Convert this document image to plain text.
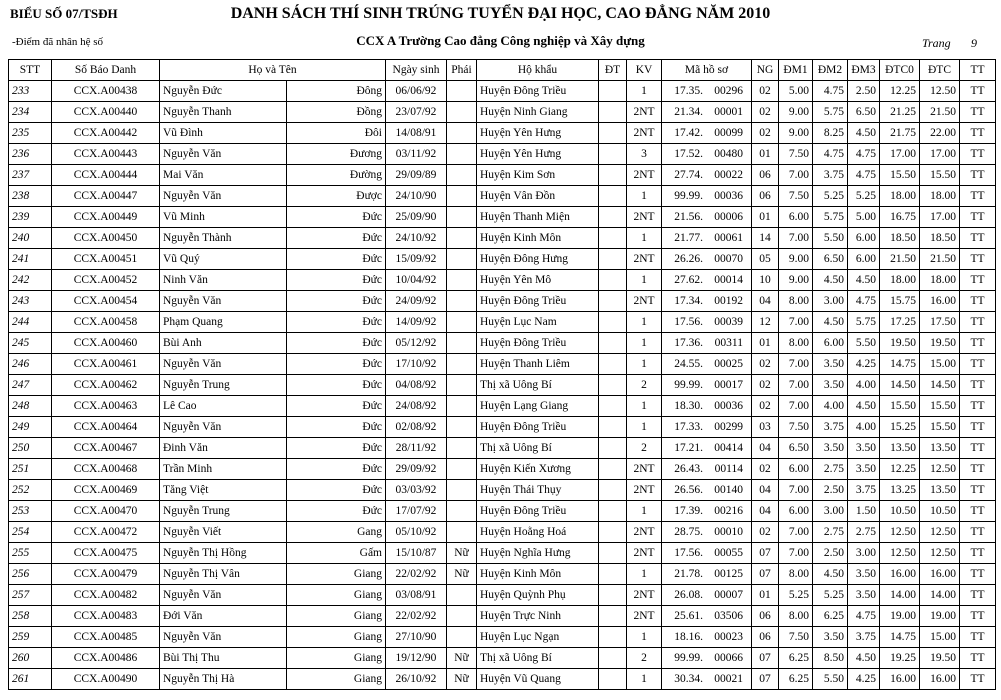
BIỂU SỐ 07/TSĐH	DANH SÁCH THÍ SINH TRÚNG TUYỂN ĐẠI HỌC, CAO ĐẲNG NĂM 2010
-Điểm đã nhân hệ số	CCX A Trường Cao đẳng Công nghiệp và Xây dựng	Trang 9
STT	Số Báo Danh	Họ và Tên		Ngày sinh	Phái	Hộ khẩu	ĐT	KV	Mã hồ sơ	NG	ĐM1	ĐM2	ĐM3	ĐTC0	ĐTC	TT
233	CCX.A00438	Nguyễn Đức	Đông	06/06/92		Huyện Đông Triều		1	17.35. 00296	02	5.00	4.75	2.50	12.25	12.50	TT
234	CCX.A00440	Nguyễn Thanh	Đồng	23/07/92		Huyện Ninh Giang		2NT	21.34. 00001	02	9.00	5.75	6.50	21.25	21.50	TT
235	CCX.A00442	Vũ Đình	Đôi	14/08/91		Huyện Yên Hưng		2NT	17.42. 00099	02	9.00	8.25	4.50	21.75	22.00	TT
236	CCX.A00443	Nguyễn Văn	Đương	03/11/92		Huyện Yên Hưng		3	17.52. 00480	01	7.50	4.75	4.75	17.00	17.00	TT
237	CCX.A00444	Mai Văn	Đường	29/09/89		Huyện Kim Sơn		2NT	27.74. 00022	06	7.00	3.75	4.75	15.50	15.50	TT
238	CCX.A00447	Nguyễn Văn	Được	24/10/90		Huyện Vân Đồn		1	99.99. 00036	06	7.50	5.25	5.25	18.00	18.00	TT
239	CCX.A00449	Vũ Minh	Đức	25/09/90		Huyện Thanh Miện		2NT	21.56. 00006	01	6.00	5.75	5.00	16.75	17.00	TT
240	CCX.A00450	Nguyễn Thành	Đức	24/10/92		Huyện Kinh Môn		1	21.77. 00061	14	7.00	5.50	6.00	18.50	18.50	TT
241	CCX.A00451	Vũ Quý	Đức	15/09/92		Huyện Đông Hưng		2NT	26.26. 00070	05	9.00	6.50	6.00	21.50	21.50	TT
242	CCX.A00452	Ninh Văn	Đức	10/04/92		Huyện Yên Mô		1	27.62. 00014	10	9.00	4.50	4.50	18.00	18.00	TT
243	CCX.A00454	Nguyễn Văn	Đức	24/09/92		Huyện Đông Triều		2NT	17.34. 00192	04	8.00	3.00	4.75	15.75	16.00	TT
244	CCX.A00458	Phạm Quang	Đức	14/09/92		Huyện Lục Nam		1	17.56. 00039	12	7.00	4.50	5.75	17.25	17.50	TT
245	CCX.A00460	Bùi Anh	Đức	05/12/92		Huyện Đông Triều		1	17.36. 00311	01	8.00	6.00	5.50	19.50	19.50	TT
246	CCX.A00461	Nguyễn Văn	Đức	17/10/92		Huyện Thanh Liêm		1	24.55. 00025	02	7.00	3.50	4.25	14.75	15.00	TT
247	CCX.A00462	Nguyễn Trung	Đức	04/08/92		Thị xã Uông Bí		2	99.99. 00017	02	7.00	3.50	4.00	14.50	14.50	TT
248	CCX.A00463	Lê Cao	Đức	24/08/92		Huyện Lạng Giang		1	18.30. 00036	02	7.00	4.00	4.50	15.50	15.50	TT
249	CCX.A00464	Nguyễn Văn	Đức	02/08/92		Huyện Đông Triều		1	17.33. 00299	03	7.50	3.75	4.00	15.25	15.50	TT
250	CCX.A00467	Đinh Văn	Đức	28/11/92		Thị xã Uông Bí		2	17.21. 00414	04	6.50	3.50	3.50	13.50	13.50	TT
251	CCX.A00468	Trần Minh	Đức	29/09/92		Huyện Kiến Xương		2NT	26.43. 00114	02	6.00	2.75	3.50	12.25	12.50	TT
252	CCX.A00469	Tăng Việt	Đức	03/03/92		Huyện Thái Thụy		2NT	26.56. 00140	04	7.00	2.50	3.75	13.25	13.50	TT
253	CCX.A00470	Nguyễn Trung	Đức	17/07/92		Huyện Đông Triều		1	17.39. 00216	04	6.00	3.00	1.50	10.50	10.50	TT
254	CCX.A00472	Nguyễn Viết	Gang	05/10/92		Huyện Hoằng Hoá		2NT	28.75. 00010	02	7.00	2.75	2.75	12.50	12.50	TT
255	CCX.A00475	Nguyễn Thị Hồng	Gấm	15/10/87	Nữ	Huyện Nghĩa Hưng		2NT	17.56. 00055	07	7.00	2.50	3.00	12.50	12.50	TT
256	CCX.A00479	Nguyễn Thị Vân	Giang	22/02/92	Nữ	Huyện Kinh Môn		1	21.78. 00125	07	8.00	4.50	3.50	16.00	16.00	TT
257	CCX.A00482	Nguyễn Văn	Giang	03/08/91		Huyện Quỳnh Phụ		2NT	26.08. 00007	01	5.25	5.25	3.50	14.00	14.00	TT
258	CCX.A00483	Đới Văn	Giang	22/02/92		Huyện Trực Ninh		2NT	25.61. 03506	06	8.00	6.25	4.75	19.00	19.00	TT
259	CCX.A00485	Nguyễn Văn	Giang	27/10/90		Huyện Lục Ngạn		1	18.16. 00023	06	7.50	3.50	3.75	14.75	15.00	TT
260	CCX.A00486	Bùi Thị Thu	Giang	19/12/90	Nữ	Thị xã Uông Bí		2	99.99. 00066	07	6.25	8.50	4.50	19.25	19.50	TT
261	CCX.A00490	Nguyễn Thị Hà	Giang	26/10/92	Nữ	Huyện Vũ Quang		1	30.34. 00021	07	6.25	5.50	4.25	16.00	16.00	TT
